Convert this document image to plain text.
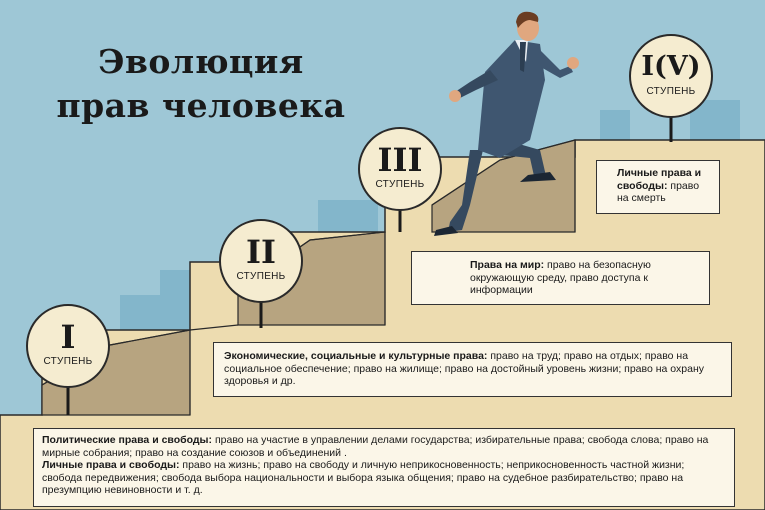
Эволюция
прав человека
I
СТУПЕНЬ
II
СТУПЕНЬ
III
СТУПЕНЬ
I(V)
СТУПЕНЬ
Личные права и свободы: право на смерть
Права на мир: право на безопасную окружающую среду, право доступа к информации
Экономические, социальные и культурные права: право на труд; право на отдых; право на социальное обеспечение; право на жилище; право на достойный уровень жизни; право на охрану здоровья и др.
Политические права и свободы: право на участие в управлении делами государства; избирательные права; свобода слова; право на мирные собрания; право на создание союзов и объединений .
Личные права и свободы: право на жизнь; право на свободу и личную неприкосновенность; неприкосновенность частной жизни; свобода передвижения; свобода выбора национальности и выбора языка общения; право на судебное разбирательство; право на презумпцию невиновности и т. д.
